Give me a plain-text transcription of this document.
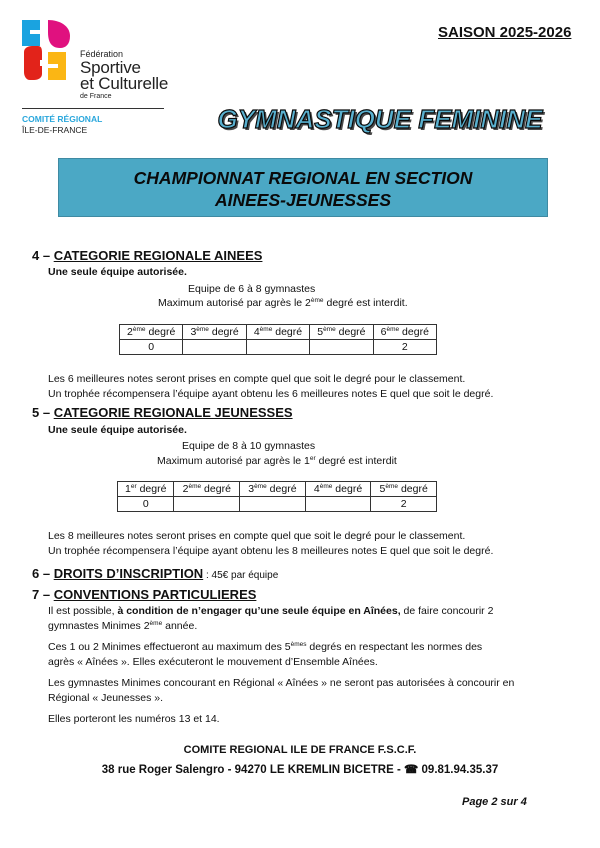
Fédération
Sportive
et Culturelle
de France
COMITÉ RÉGIONAL
ÎLE-DE-FRANCE
SAISON 2025-2026
GYMNASTIQUE FEMININE
CHAMPIONNAT REGIONAL EN SECTION
AINEES-JEUNESSES
4 – CATEGORIE REGIONALE AINEES
Une seule équipe autorisée.
Equipe de 6 à 8 gymnastes
Maximum autorisé par agrès le 2ème degré est interdit.
2ème degré	3ème degré	4ème degré	5ème degré	6ème degré
0				2
Les 6 meilleures notes seront prises en compte quel que soit le degré pour le classement.
Un trophée récompensera l’équipe ayant obtenu les 6 meilleures notes E quel que soit le degré.
5 – CATEGORIE REGIONALE JEUNESSES
Une seule équipe autorisée.
Equipe de 8 à 10 gymnastes
Maximum autorisé par agrès le 1er degré est interdit
1er degré	2ème degré	3ème degré	4ème degré	5ème degré
0				2
Les 8 meilleures notes seront prises en compte quel que soit le degré pour le classement.
Un trophée récompensera l’équipe ayant obtenu les 8 meilleures notes E quel que soit le degré.
6 – DROITS D’INSCRIPTION : 45€ par équipe
7 – CONVENTIONS PARTICULIERES
Il est possible, à condition de n’engager qu’une seule équipe en Aînées, de faire concourir 2
gymnastes Minimes 2ème année.
Ces 1 ou 2 Minimes effectueront au maximum des 5èmes degrés en respectant les normes des
agrès « Aînées ». Elles exécuteront le mouvement d’Ensemble Aînées.
Les gymnastes Minimes concourant en Régional « Aînées » ne seront pas autorisées à concourir en
Régional « Jeunesses ».
Elles porteront les numéros 13 et 14.
COMITE REGIONAL ILE DE FRANCE F.S.C.F.
38 rue Roger Salengro - 94270 LE KREMLIN BICETRE - ☎ 09.81.94.35.37
Page 2 sur 4
